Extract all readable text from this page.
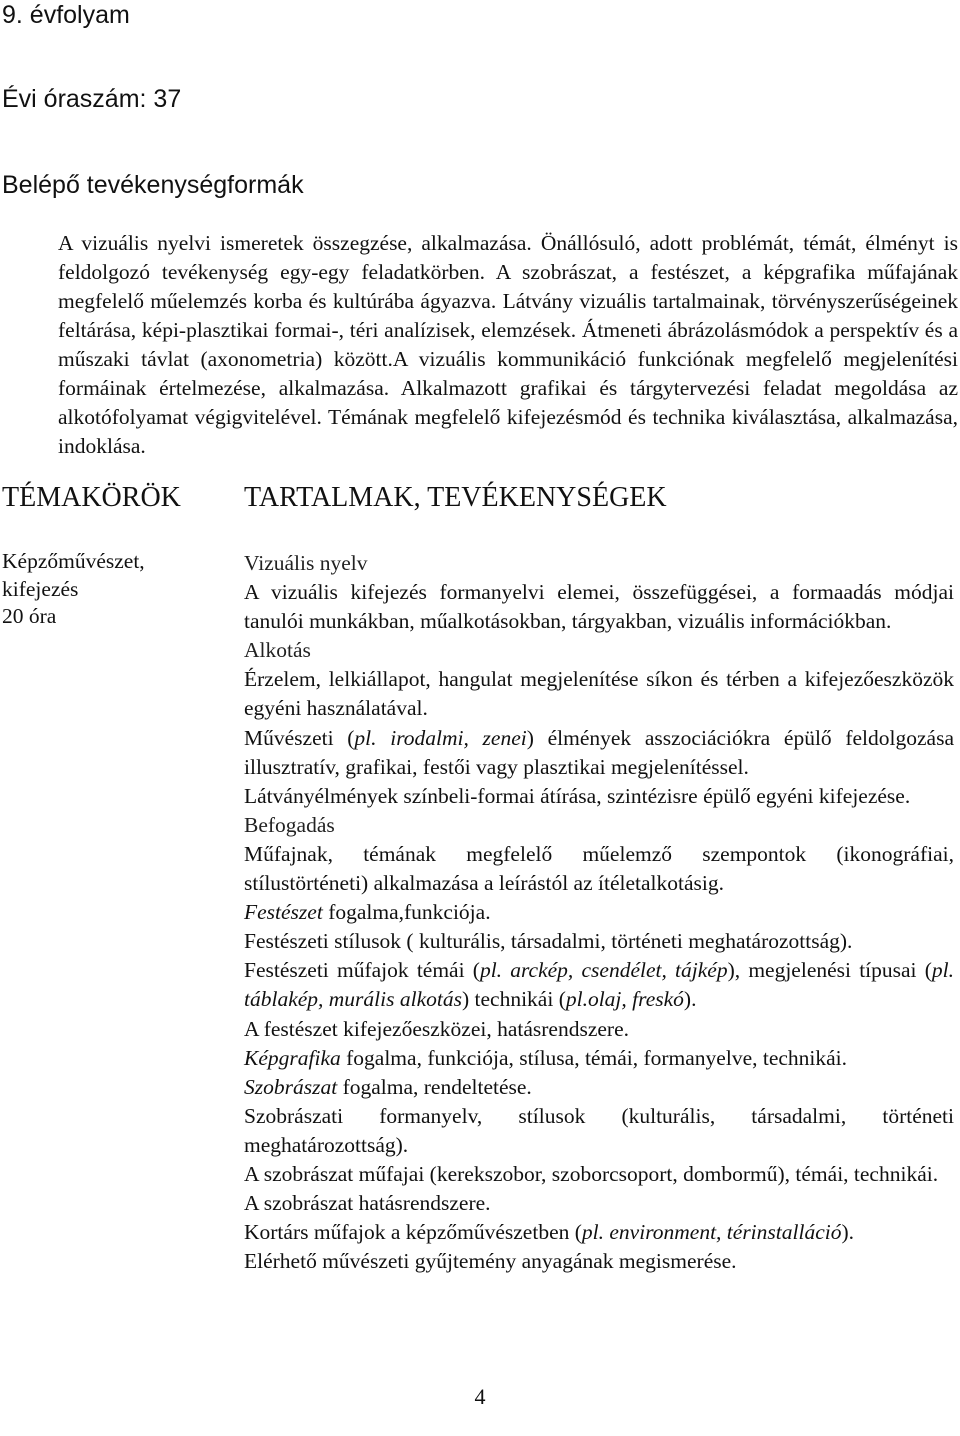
9. évfolyam
Évi óraszám: 37
Belépő tevékenységformák
A vizuális nyelvi ismeretek összegzése, alkalmazása. Önállósuló, adott problémát, témát, élményt is feldolgozó tevékenység egy-egy feladatkörben. A szobrászat, a festészet, a képgrafika műfajának megfelelő műelemzés korba és kultúrába ágyazva. Látvány vizuális tartalmainak, törvényszerűségeinek feltárása, képi-plasztikai formai-, téri analízisek, elemzések. Átmeneti ábrázolásmódok a perspektív és a műszaki távlat (axonometria) között.A vizuális kommunikáció funkciónak megfelelő megjelenítési formáinak értelmezése, alkalmazása. Alkalmazott grafikai és tárgytervezési feladat megoldása az alkotófolyamat végigvitelével. Témának megfelelő kifejezésmód és technika kiválasztása, alkalmazása, indoklása.
TÉMAKÖRÖK TARTALMAK, TEVÉKENYSÉGEK
Képzőművészet,
kifejezés
20 óra
Vizuális nyelv
A vizuális kifejezés formanyelvi elemei, összefüggései, a formaadás módjai tanulói munkákban, műalkotásokban, tárgyakban, vizuális információkban.
Alkotás
Érzelem, lelkiállapot, hangulat megjelenítése síkon és térben a kifejezőeszközök egyéni használatával.
Művészeti (pl. irodalmi, zenei) élmények asszociációkra épülő feldolgozása illusztratív, grafikai, festői vagy plasztikai megjelenítéssel.
Látványélmények színbeli-formai átírása, szintézisre épülő egyéni kifejezése.
Befogadás
Műfajnak, témának megfelelő műelemző szempontok (ikonográfiai, stílustörténeti) alkalmazása a leírástól az ítéletalkotásig.
Festészet fogalma,funkciója.
Festészeti stílusok ( kulturális, társadalmi, történeti meghatározottság).
Festészeti műfajok témái (pl. arckép, csendélet, tájkép), megjelenési típusai (pl. táblakép, murális alkotás) technikái (pl.olaj, freskó).
A festészet kifejezőeszközei, hatásrendszere.
Képgrafika fogalma, funkciója, stílusa, témái, formanyelve, technikái.
Szobrászat fogalma, rendeltetése.
Szobrászati formanyelv, stílusok (kulturális, társadalmi, történeti meghatározottság).
A szobrászat műfajai (kerekszobor, szoborcsoport, dombormű), témái, technikái.
A szobrászat hatásrendszere.
Kortárs műfajok a képzőművészetben (pl. environment, térinstalláció).
Elérhető művészeti gyűjtemény anyagának megismerése.
4
